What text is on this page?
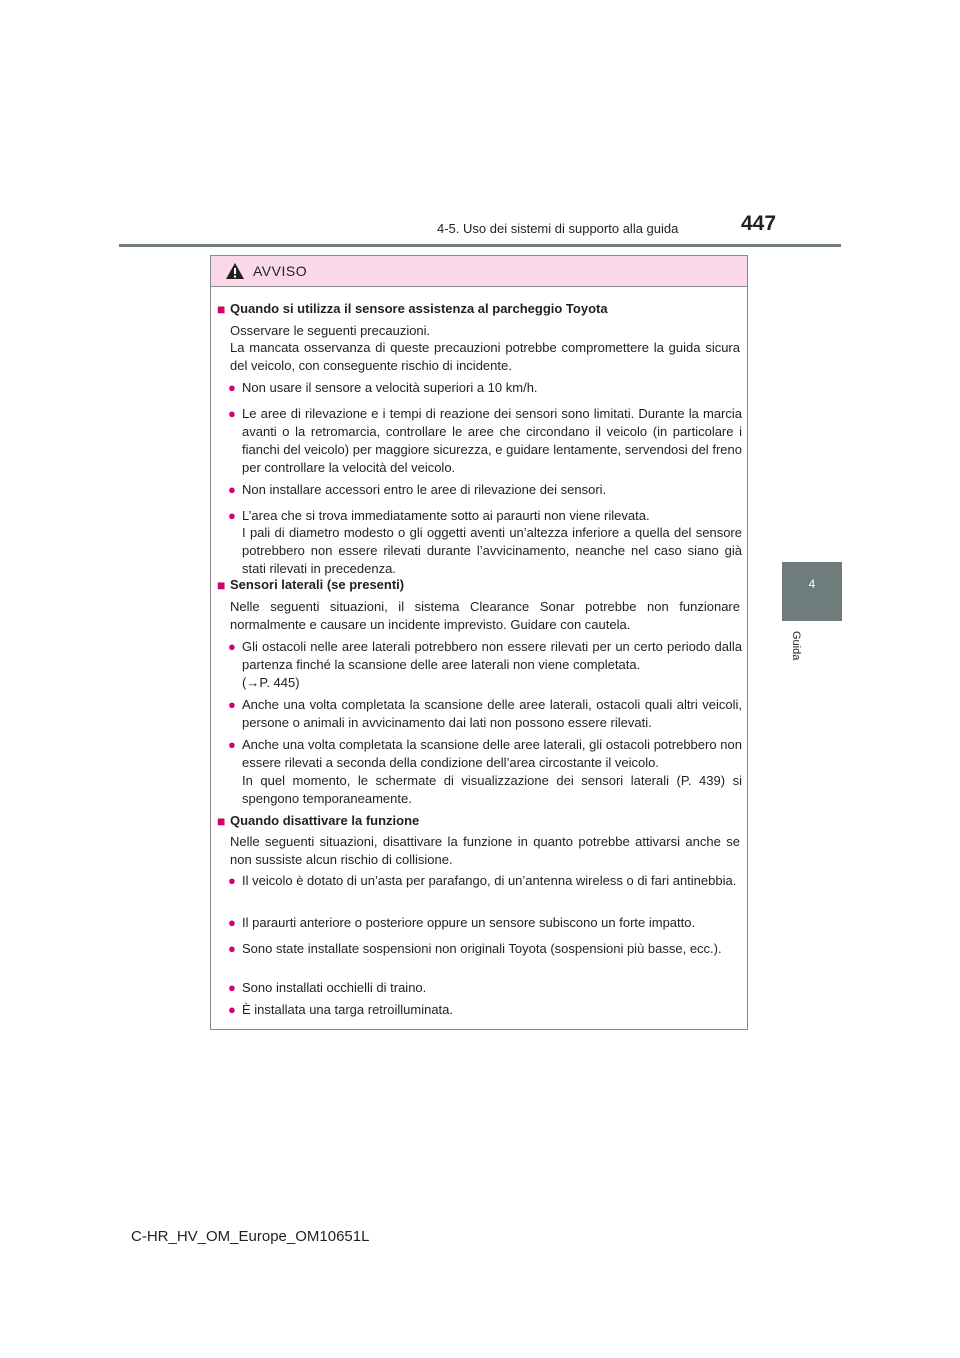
4-5. Uso dei sistemi di supporto alla guida	447
4
Guida
AVVISO
■ Quando si utilizza il sensore assistenza al parcheggio Toyota
Osservare le seguenti precauzioni.
La mancata osservanza di queste precauzioni potrebbe compromettere la guida sicura del veicolo, con conseguente rischio di incidente.
● Non usare il sensore a velocità superiori a 10 km/h.
● Le aree di rilevazione e i tempi di reazione dei sensori sono limitati. Durante la marcia avanti o la retromarcia, controllare le aree che circondano il veicolo (in particolare i fianchi del veicolo) per maggiore sicurezza, e guidare lentamente, servendosi del freno per controllare la velocità del veicolo.
● Non installare accessori entro le aree di rilevazione dei sensori.
● L’area che si trova immediatamente sotto ai paraurti non viene rilevata.
I pali di diametro modesto o gli oggetti aventi un’altezza inferiore a quella del sensore potrebbero non essere rilevati durante l’avvicinamento, neanche nel caso siano già stati rilevati in precedenza.
■ Sensori laterali (se presenti)
Nelle seguenti situazioni, il sistema Clearance Sonar potrebbe non funzionare normalmente e causare un incidente imprevisto. Guidare con cautela.
● Gli ostacoli nelle aree laterali potrebbero non essere rilevati per un certo periodo dalla partenza finché la scansione delle aree laterali non viene completata.
(→P. 445)
● Anche una volta completata la scansione delle aree laterali, ostacoli quali altri veicoli, persone o animali in avvicinamento dai lati non possono essere rilevati.
● Anche una volta completata la scansione delle aree laterali, gli ostacoli potrebbero non essere rilevati a seconda della condizione dell’area circostante il veicolo.
In quel momento, le schermate di visualizzazione dei sensori laterali (P. 439) si spengono temporaneamente.
■ Quando disattivare la funzione
Nelle seguenti situazioni, disattivare la funzione in quanto potrebbe attivarsi anche se non sussiste alcun rischio di collisione.
● Il veicolo è dotato di un’asta per parafango, di un’antenna wireless o di fari antinebbia.
● Il paraurti anteriore o posteriore oppure un sensore subiscono un forte impatto.
● Sono state installate sospensioni non originali Toyota (sospensioni più basse, ecc.).
● Sono installati occhielli di traino.
● È installata una targa retroilluminata.
C-HR_HV_OM_Europe_OM10651L
